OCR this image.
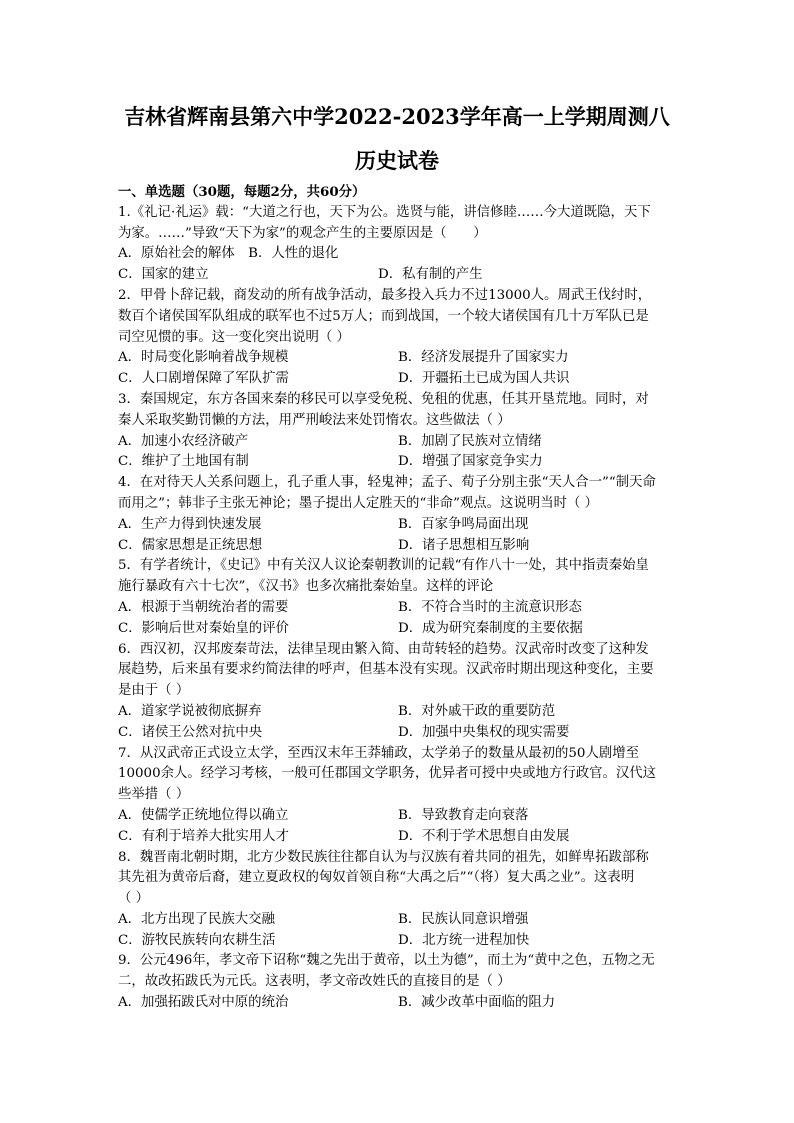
吉林省辉南县第六中学2022-2023学年高一上学期周测八
历史试卷
一、单选题（30题，每题2分，共60分）
1.《礼记·礼运》载：“大道之行也，天下为公。选贤与能，讲信修睦……今大道既隐，天下
为家。……”导致“天下为家”的观念产生的主要原因是（　　）
A．原始社会的解体　B．人性的退化
C．国家的建立	D．私有制的产生
2．甲骨卜辞记载，商发动的所有战争活动，最多投入兵力不过13000人。周武王伐纣时，
数百个诸侯国军队组成的联军也不过5万人；而到战国，一个较大诸侯国有几十万军队已是
司空见惯的事。这一变化突出说明（ ）
A．时局变化影响着战争规模	B．经济发展提升了国家实力
C．人口剧增保障了军队扩需	D．开疆拓土已成为国人共识
3．秦国规定，东方各国来秦的移民可以享受免税、免租的优惠，任其开垦荒地。同时，对
秦人采取奖勤罚懒的方法，用严刑峻法来处罚惰农。这些做法（ ）
A．加速小农经济破产	B．加剧了民族对立情绪
C．维护了土地国有制	D．增强了国家竞争实力
4．在对待天人关系问题上，孔子重人事，轻鬼神；孟子、荀子分别主张“天人合一”“制天命
而用之”；韩非子主张无神论；墨子提出人定胜天的“非命”观点。这说明当时（ ）
A．生产力得到快速发展	B．百家争鸣局面出现
C．儒家思想是正统思想	D．诸子思想相互影响
5．有学者统计，《史记》中有关汉人议论秦朝教训的记载“有作八十一处，其中指责秦始皇
施行暴政有六十七次”，《汉书》也多次痛批秦始皇。这样的评论
A．根源于当朝统治者的需要	B．不符合当时的主流意识形态
C．影响后世对秦始皇的评价	D．成为研究秦制度的主要依据
6．西汉初，汉邦废秦苛法，法律呈现由繁入简、由苛转轻的趋势。汉武帝时改变了这种发
展趋势，后来虽有要求约简法律的呼声，但基本没有实现。汉武帝时期出现这种变化，主要
是由于（ ）
A．道家学说被彻底摒弃	B．对外戚干政的重要防范
C．诸侯王公然对抗中央	D．加强中央集权的现实需要
7．从汉武帝正式设立太学，至西汉末年王莽辅政，太学弟子的数量从最初的50人剧增至
10000余人。经学习考核，一般可任郡国文学职务，优异者可授中央或地方行政官。汉代这
些举措（ ）
A．使儒学正统地位得以确立	B．导致教育走向衰落
C．有利于培养大批实用人才	D．不利于学术思想自由发展
8．魏晋南北朝时期，北方少数民族往往都自认为与汉族有着共同的祖先，如鲜卑拓跋部称
其先祖为黄帝后裔，建立夏政权的匈奴首领自称“大禹之后”“（将）复大禹之业”。这表明
（ ）
A．北方出现了民族大交融	B．民族认同意识增强
C．游牧民族转向农耕生活	D．北方统一进程加快
9．公元496年，孝文帝下诏称“魏之先出于黄帝，以土为德”，而土为“黄中之色，五物之无
二，故改拓跋氏为元氏。这表明，孝文帝改姓氏的直接目的是（ ）
A．加强拓跋氏对中原的统治	B．减少改革中面临的阻力
